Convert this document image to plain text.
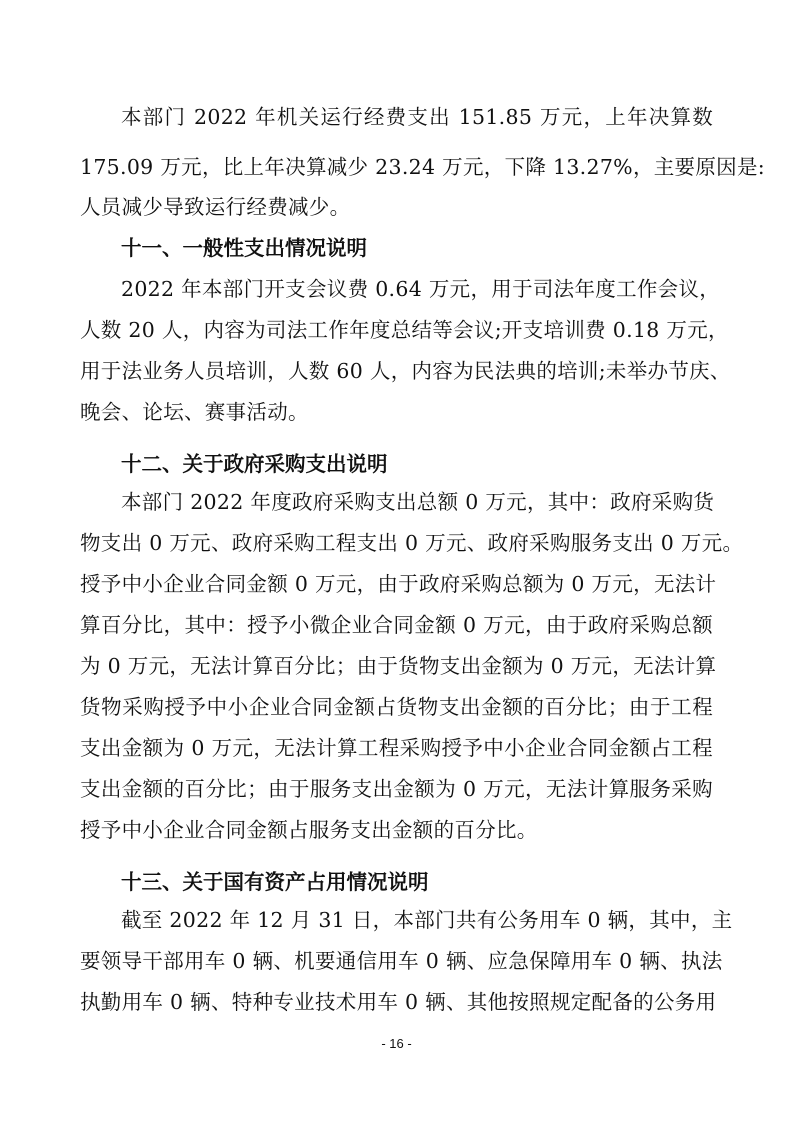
本部门 2022 年机关运行经费支出 151.85 万元，上年决算数
175.09 万元，比上年决算减少 23.24 万元，下降 13.27%，主要原因是:
人员减少导致运行经费减少。
十一、一般性支出情况说明
2022 年本部门开支会议费 0.64 万元，用于司法年度工作会议，
人数 20 人，内容为司法工作年度总结等会议;开支培训费 0.18 万元，
用于法业务人员培训，人数 60 人，内容为民法典的培训;未举办节庆、
晚会、论坛、赛事活动。
十二、关于政府采购支出说明
本部门 2022 年度政府采购支出总额 0 万元，其中：政府采购货
物支出 0 万元、政府采购工程支出 0 万元、政府采购服务支出 0 万元。
授予中小企业合同金额 0 万元，由于政府采购总额为 0 万元，无法计
算百分比，其中：授予小微企业合同金额 0 万元，由于政府采购总额
为 0 万元，无法计算百分比；由于货物支出金额为 0 万元，无法计算
货物采购授予中小企业合同金额占货物支出金额的百分比；由于工程
支出金额为 0 万元，无法计算工程采购授予中小企业合同金额占工程
支出金额的百分比；由于服务支出金额为 0 万元，无法计算服务采购
授予中小企业合同金额占服务支出金额的百分比。
十三、关于国有资产占用情况说明
截至 2022 年 12 月 31 日，本部门共有公务用车 0 辆，其中，主
要领导干部用车 0 辆、机要通信用车 0 辆、应急保障用车 0 辆、执法
执勤用车 0 辆、特种专业技术用车 0 辆、其他按照规定配备的公务用
- 16 -
